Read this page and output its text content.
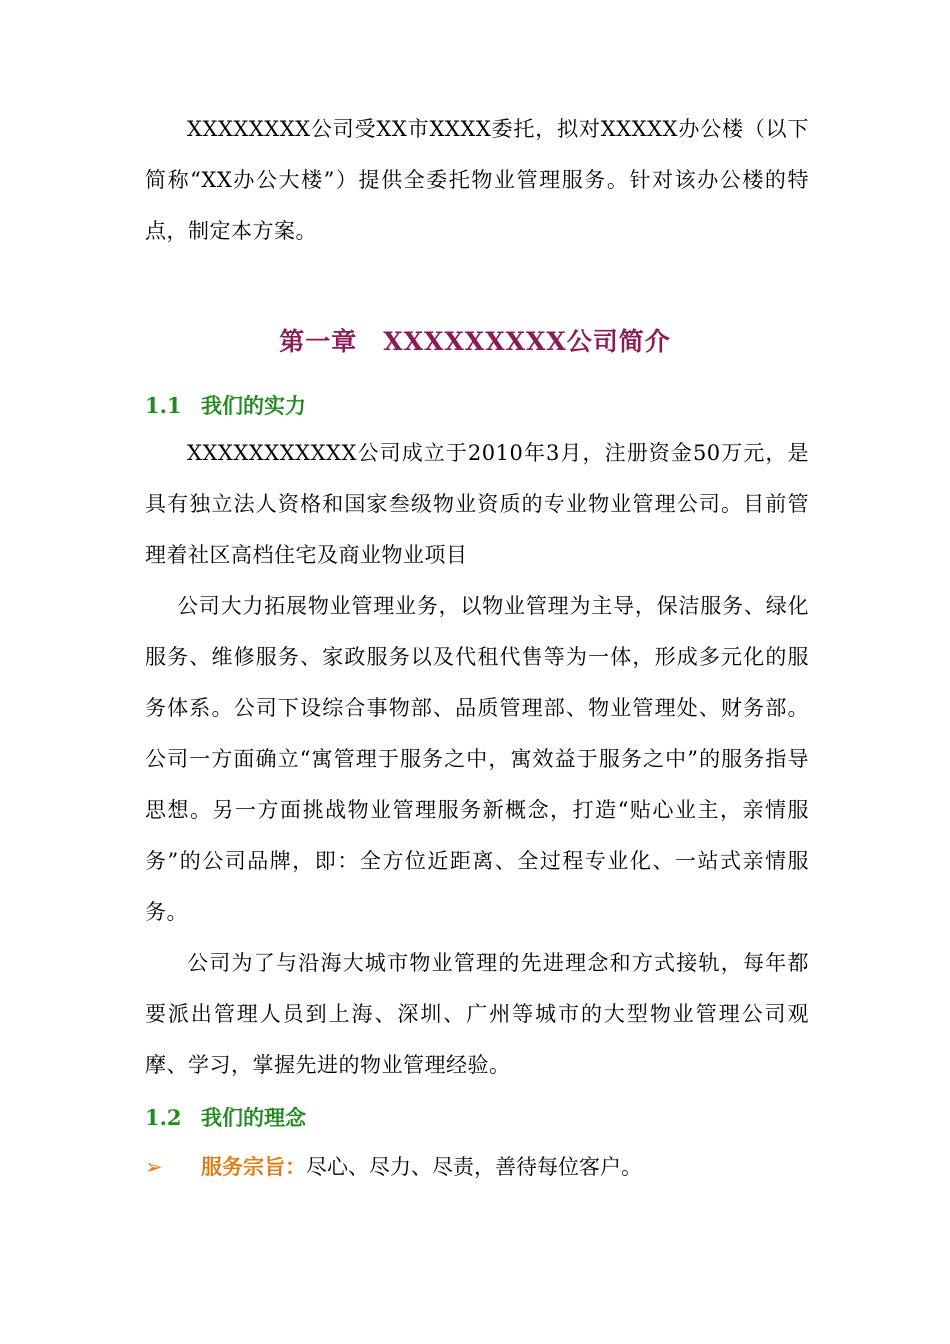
XXXXXXXX公司受XX市XXXX委托，拟对XXXXX办公楼（以下简称“XX办公大楼”）提供全委托物业管理服务。针对该办公楼的特点，制定本方案。

第一章　XXXXXXXXX公司简介
1.1 我们的实力

XXXXXXXXXXX公司成立于2010年3月，注册资金50万元，是具有独立法人资格和国家叁级物业资质的专业物业管理公司。目前管理着社区高档住宅及商业物业项目

公司大力拓展物业管理业务，以物业管理为主导，保洁服务、绿化服务、维修服务、家政服务以及代租代售等为一体，形成多元化的服务体系。公司下设综合事物部、品质管理部、物业管理处、财务部。公司一方面确立“寓管理于服务之中，寓效益于服务之中”的服务指导思想。另一方面挑战物业管理服务新概念，打造“贴心业主，亲情服务”的公司品牌，即：全方位近距离、全过程专业化、一站式亲情服务。

公司为了与沿海大城市物业管理的先进理念和方式接轨，每年都要派出管理人员到上海、深圳、广州等城市的大型物业管理公司观摩、学习，掌握先进的物业管理经验。

1.2 我们的理念
➢ 服务宗旨：尽心、尽力、尽责，善待每位客户。
